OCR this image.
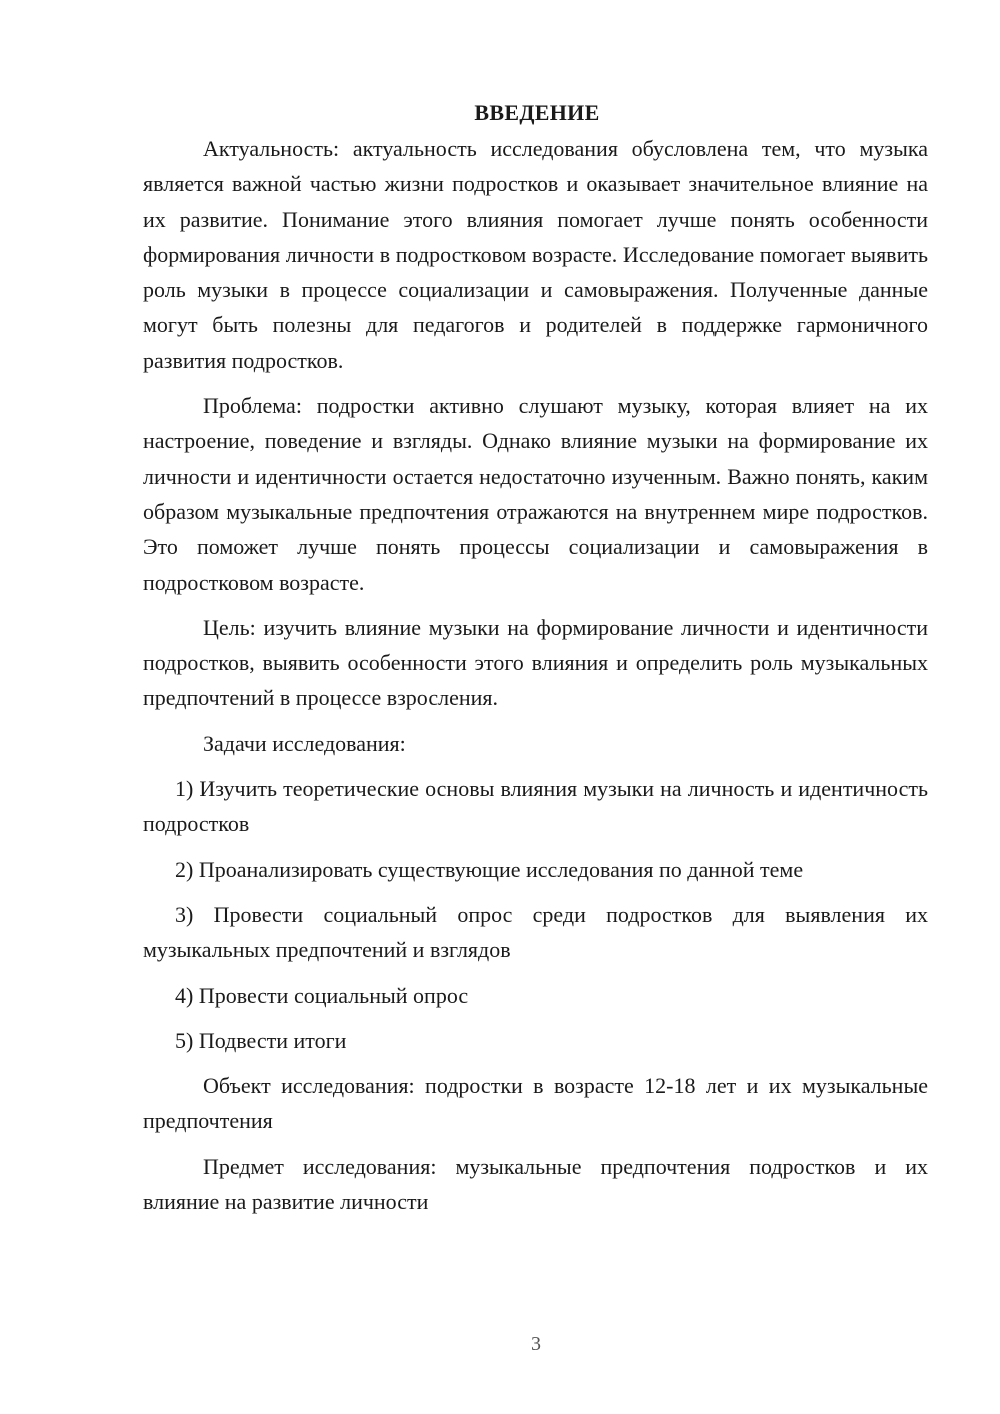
ВВЕДЕНИЕ

Актуальность: актуальность исследования обусловлена тем, что музыка является важной частью жизни подростков и оказывает значительное влияние на их развитие. Понимание этого влияния помогает лучше понять особенности формирования личности в подростковом возрасте. Исследование помогает выявить роль музыки в процессе социализации и самовыражения. Полученные данные могут быть полезны для педагогов и родителей в поддержке гармоничного развития подростков.

Проблема: подростки активно слушают музыку, которая влияет на их настроение, поведение и взгляды. Однако влияние музыки на формирование их личности и идентичности остается недостаточно изученным. Важно понять, каким образом музыкальные предпочтения отражаются на внутреннем мире подростков. Это поможет лучше понять процессы социализации и самовыражения в подростковом возрасте.

Цель: изучить влияние музыки на формирование личности и идентичности подростков, выявить особенности этого влияния и определить роль музыкальных предпочтений в процессе взросления.

Задачи исследования:

1) Изучить теоретические основы влияния музыки на личность и идентичность подростков

2) Проанализировать существующие исследования по данной теме

3) Провести социальный опрос среди подростков для выявления их музыкальных предпочтений и взглядов

4) Провести социальный опрос

5) Подвести итоги

Объект исследования: подростки в возрасте 12-18 лет и их музыкальные предпочтения

Предмет исследования: музыкальные предпочтения подростков и их влияние на развитие личности

3
